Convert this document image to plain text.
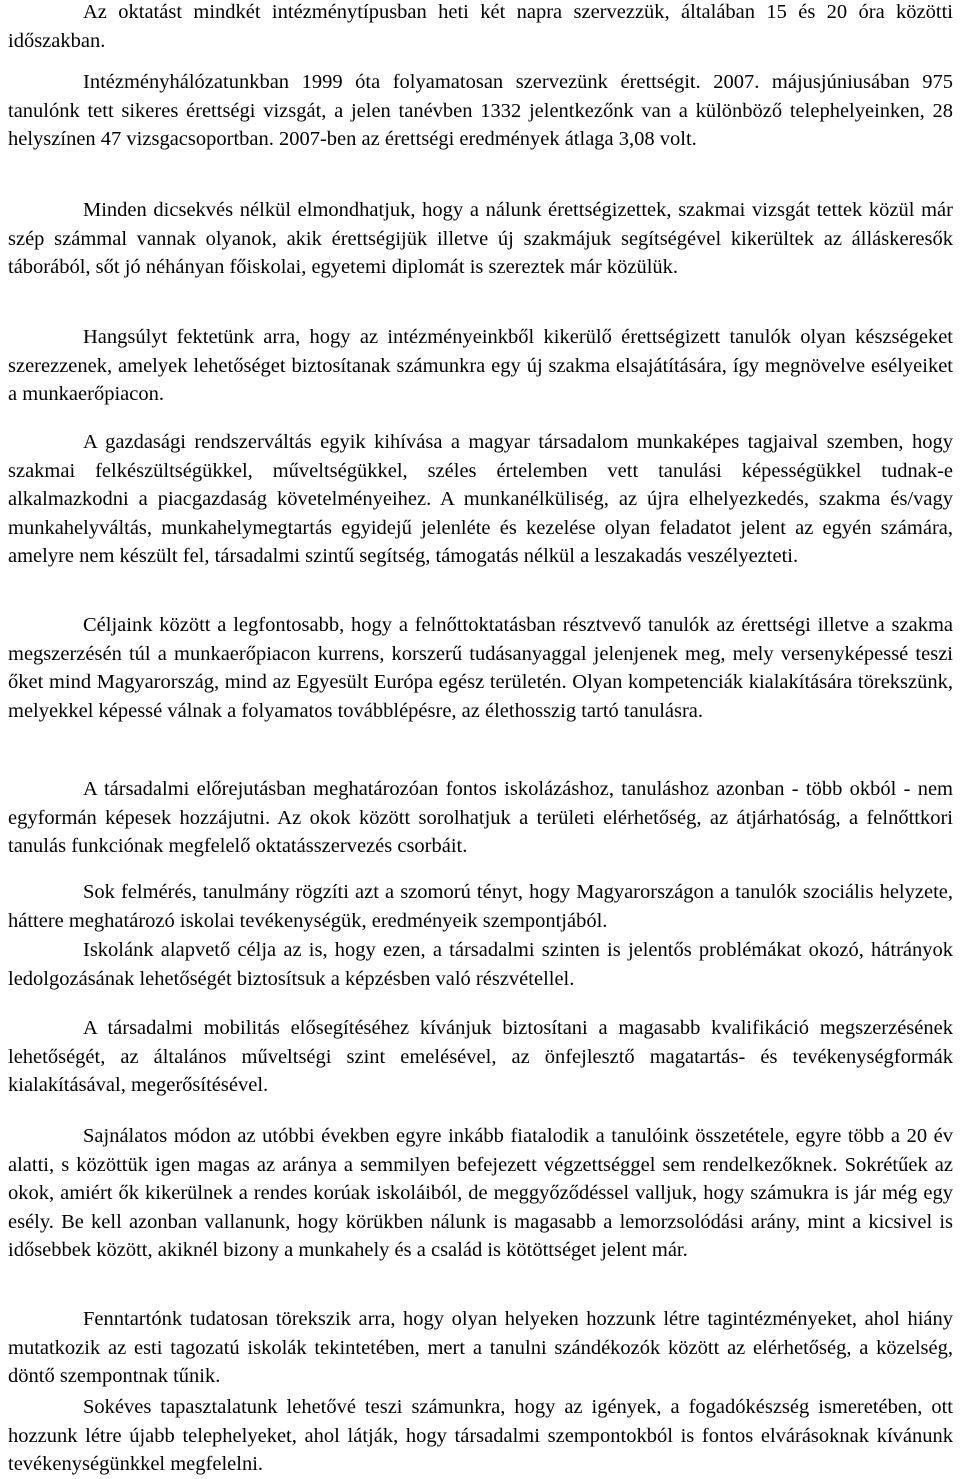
Az oktatást mindkét intézménytípusban heti két napra szervezzük, általában 15 és 20 óra közötti időszakban.

Intézményhálózatunkban 1999 óta folyamatosan szervezünk érettségit. 2007. májusjúniusában 975 tanulónk tett sikeres érettségi vizsgát, a jelen tanévben 1332 jelentkezőnk van a különböző telephelyeinken, 28 helyszínen 47 vizsgacsoportban. 2007-ben az érettségi eredmények átlaga 3,08 volt.

Minden dicsekvés nélkül elmondhatjuk, hogy a nálunk érettségizettek, szakmai vizsgát tettek közül már szép számmal vannak olyanok, akik érettségijük illetve új szakmájuk segítségével kikerültek az álláskeresők táborából, sőt jó néhányan főiskolai, egyetemi diplomát is szereztek már közülük.

Hangsúlyt fektetünk arra, hogy az intézményeinkből kikerülő érettségizett tanulók olyan készségeket szerezzenek, amelyek lehetőséget biztosítanak számunkra egy új szakma elsajátítására, így megnövelve esélyeiket a munkaerőpiacon.

A gazdasági rendszerváltás egyik kihívása a magyar társadalom munkaképes tagjaival szemben, hogy szakmai felkészültségükkel, műveltségükkel, széles értelemben vett tanulási képességükkel tudnak-e alkalmazkodni a piacgazdaság követelményeihez. A munkanélküliség, az újra elhelyezkedés, szakma és/vagy munkahelyváltás, munkahelymegtartás egyidejű jelenléte és kezelése olyan feladatot jelent az egyén számára, amelyre nem készült fel, társadalmi szintű segítség, támogatás nélkül a leszakadás veszélyezteti.

Céljaink között a legfontosabb, hogy a felnőttoktatásban résztvevő tanulók az érettségi illetve a szakma megszerzésén túl a munkaerőpiacon kurrens, korszerű tudásanyaggal jelenjenek meg, mely versenyképessé teszi őket mind Magyarország, mind az Egyesült Európa egész területén. Olyan kompetenciák kialakítására törekszünk, melyekkel képessé válnak a folyamatos továbblépésre, az élethosszig tartó tanulásra.

A társadalmi előrejutásban meghatározóan fontos iskolázáshoz, tanuláshoz azonban - több okból - nem egyformán képesek hozzájutni. Az okok között sorolhatjuk a területi elérhetőség, az átjárhatóság, a felnőttkori tanulás funkciónak megfelelő oktatásszervezés csorbáit.

Sok felmérés, tanulmány rögzíti azt a szomorú tényt, hogy Magyarországon a tanulók szociális helyzete, háttere meghatározó iskolai tevékenységük, eredményeik szempontjából.

Iskolánk alapvető célja az is, hogy ezen, a társadalmi szinten is jelentős problémákat okozó, hátrányok ledolgozásának lehetőségét biztosítsuk a képzésben való részvétellel.

A társadalmi mobilitás elősegítéséhez kívánjuk biztosítani a magasabb kvalifikáció megszerzésének lehetőségét, az általános műveltségi szint emelésével, az önfejlesztő magatartás- és tevékenységformák kialakításával, megerősítésével.

Sajnálatos módon az utóbbi években egyre inkább fiatalodik a tanulóink összetétele, egyre több a 20 év alatti, s közöttük igen magas az aránya a semmilyen befejezett végzettséggel sem rendelkezőknek. Sokrétűek az okok, amiért ők kikerülnek a rendes korúak iskoláiból, de meggyőződéssel valljuk, hogy számukra is jár még egy esély. Be kell azonban vallanunk, hogy körükben nálunk is magasabb a lemorzsolódási arány, mint a kicsivel is idősebbek között, akiknél bizony a munkahely és a család is kötöttséget jelent már.

Fenntartónk tudatosan törekszik arra, hogy olyan helyeken hozzunk létre tagintézményeket, ahol hiány mutatkozik az esti tagozatú iskolák tekintetében, mert a tanulni szándékozók között az elérhetőség, a közelség, döntő szempontnak tűnik.

Sokéves tapasztalatunk lehetővé teszi számunkra, hogy az igények, a fogadókészség ismeretében, ott hozzunk létre újabb telephelyeket, ahol látják, hogy társadalmi szempontokból is fontos elvárásoknak kívánunk tevékenységünkkel megfelelni.
